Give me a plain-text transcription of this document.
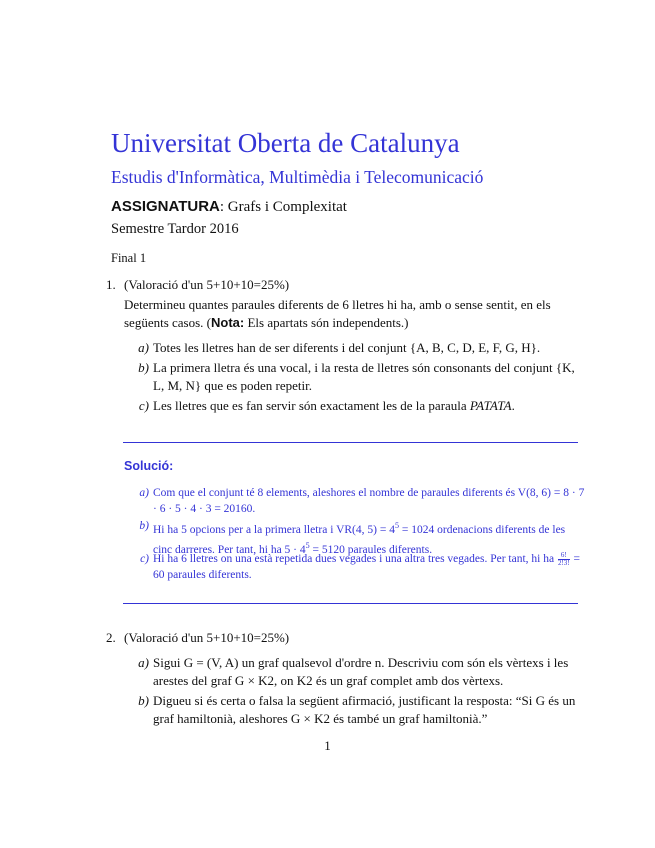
Universitat Oberta de Catalunya
Estudis d'Informàtica, Multimèdia i Telecomunicació
ASSIGNATURA: Grafs i Complexitat
Semestre Tardor 2016
Final 1
1. (Valoració d'un 5+10+10=25%)
Determineu quantes paraules diferents de 6 lletres hi ha, amb o sense sentit, en els següents casos. (Nota: Els apartats són independents.)
a) Totes les lletres han de ser diferents i del conjunt {A, B, C, D, E, F, G, H}.
b) La primera lletra és una vocal, i la resta de lletres són consonants del conjunt {K, L, M, N} que es poden repetir.
c) Les lletres que es fan servir són exactament les de la paraula PATATA.
Solució:
a) Com que el conjunt té 8 elements, aleshores el nombre de paraules diferents és V(8, 6) = 8 · 7 · 6 · 5 · 4 · 3 = 20160.
b) Hi ha 5 opcions per a la primera lletra i VR(4, $5) = 4^5 = 1024$ ordenacions diferents de les cinc darreres. Per tant, hi ha $5 \cdot 4^5 = 5120$ paraules diferents.
c) Hi ha 6 lletres on una està repetida dues vegades i una altra tres vegades. Per tant, hi ha $\frac{6!}{2!3!} = 60$ paraules diferents.
2. (Valoració d'un 5+10+10=25%)
a) Sigui G = (V, A) un graf qualsevol d'ordre n. Descriviu com són els vèrtexs i les arestes del graf G × K2, on K2 és un graf complet amb dos vèrtexs.
b) Digueu si és certa o falsa la següent afirmació, justificant la resposta: “Si G és un graf hamiltonià, aleshores G × K2 és també un graf hamiltonià.”
1
